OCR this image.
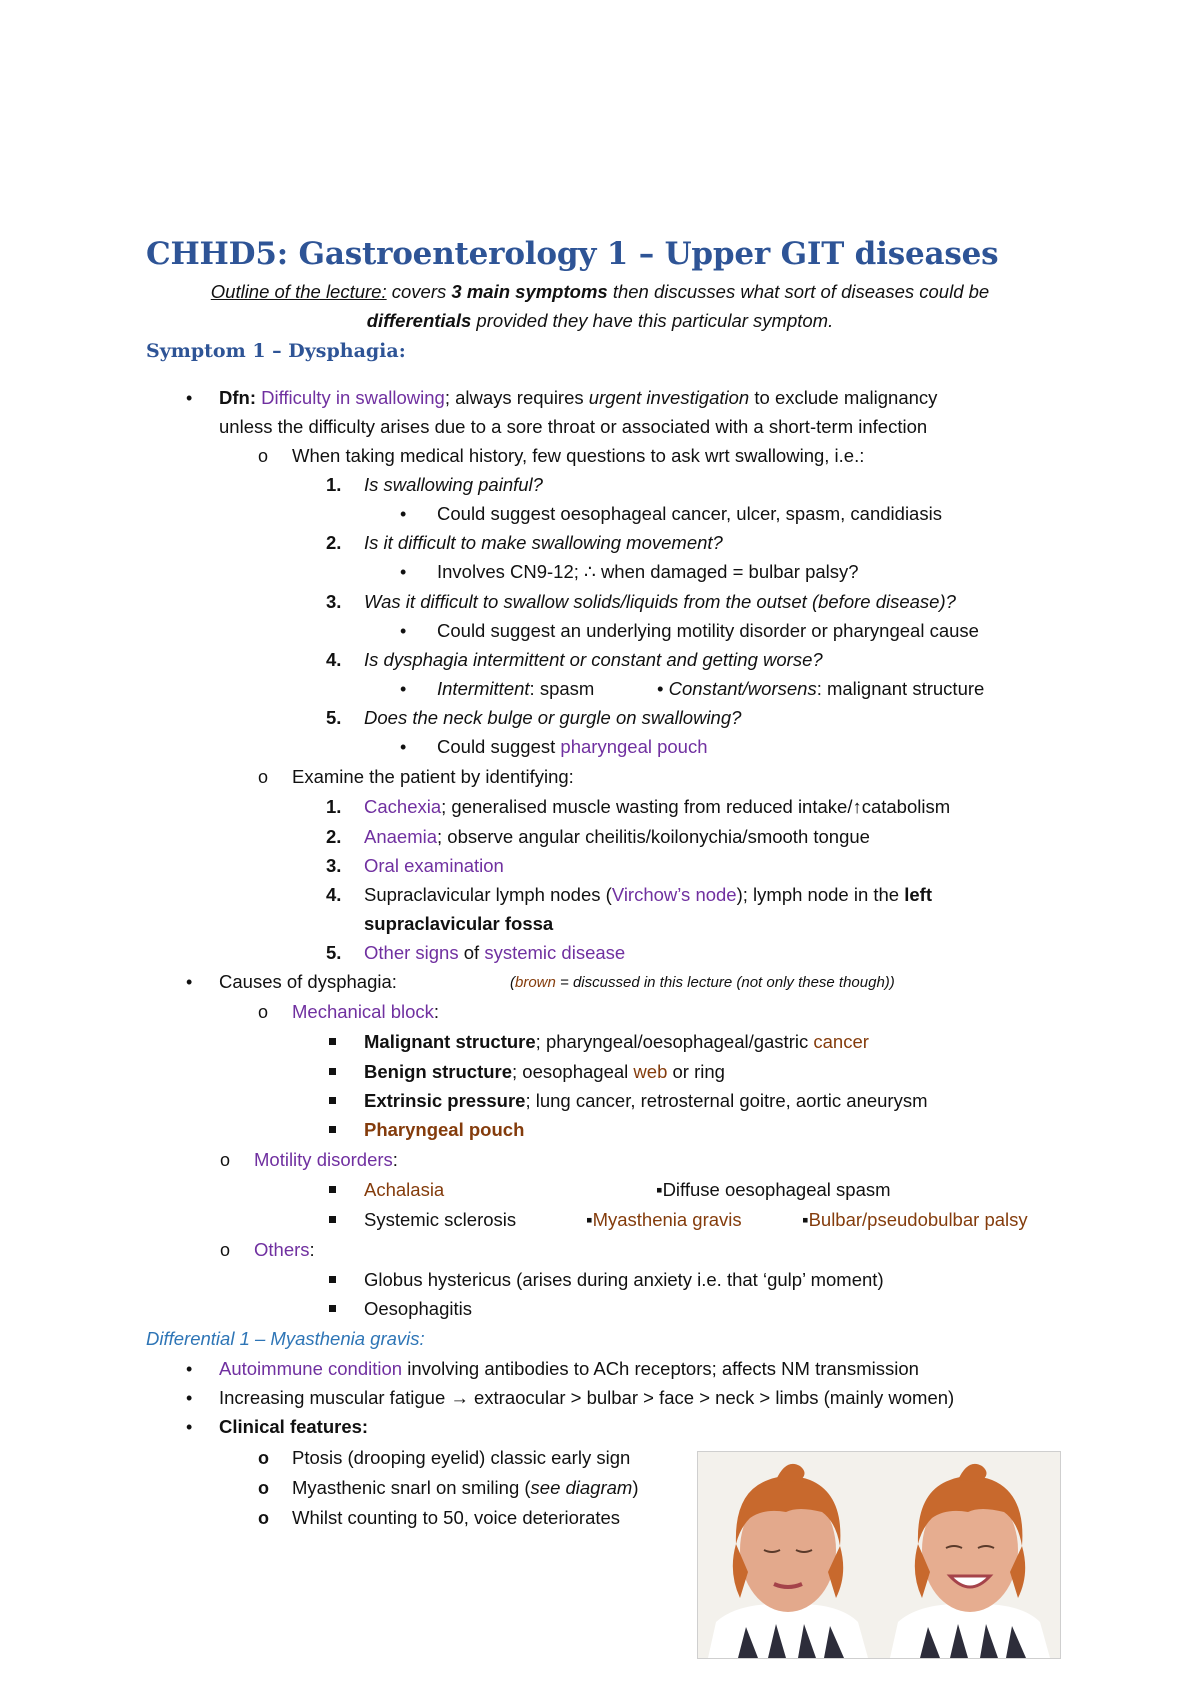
CHHD5: Gastroenterology 1 – Upper GIT diseases
Outline of the lecture: covers 3 main symptoms then discusses what sort of diseases could be
differentials provided they have this particular symptom.
Symptom 1 – Dysphagia:
• Dfn: Difficulty in swallowing; always requires urgent investigation to exclude malignancy
unless the difficulty arises due to a sore throat or associated with a short-term infection
o When taking medical history, few questions to ask wrt swallowing, i.e.:
1. Is swallowing painful?
• Could suggest oesophageal cancer, ulcer, spasm, candidiasis
2. Is it difficult to make swallowing movement?
• Involves CN9-12; ∴ when damaged = bulbar palsy?
3. Was it difficult to swallow solids/liquids from the outset (before disease)?
• Could suggest an underlying motility disorder or pharyngeal cause
4. Is dysphagia intermittent or constant and getting worse?
• Intermittent: spasm	• Constant/worsens: malignant structure
5. Does the neck bulge or gurgle on swallowing?
• Could suggest pharyngeal pouch
o Examine the patient by identifying:
1. Cachexia; generalised muscle wasting from reduced intake/↑catabolism
2. Anaemia; observe angular cheilitis/koilonychia/smooth tongue
3. Oral examination
4. Supraclavicular lymph nodes (Virchow’s node); lymph node in the left
supraclavicular fossa
5. Other signs of systemic disease
• Causes of dysphagia:	(brown = discussed in this lecture (not only these though))
o Mechanical block:
Malignant structure; pharyngeal/oesophageal/gastric cancer
Benign structure; oesophageal web or ring
Extrinsic pressure; lung cancer, retrosternal goitre, aortic aneurysm
Pharyngeal pouch
o Motility disorders:
Achalasia	▪Diffuse oesophageal spasm
Systemic sclerosis	▪Myasthenia gravis	▪Bulbar/pseudobulbar palsy
o Others:
Globus hystericus (arises during anxiety i.e. that ‘gulp’ moment)
Oesophagitis
Differential 1 – Myasthenia gravis:
• Autoimmune condition involving antibodies to ACh receptors; affects NM transmission
• Increasing muscular fatigue → extraocular > bulbar > face > neck > limbs (mainly women)
• Clinical features:
o Ptosis (drooping eyelid) classic early sign
o Myasthenic snarl on smiling (see diagram)
o Whilst counting to 50, voice deteriorates
